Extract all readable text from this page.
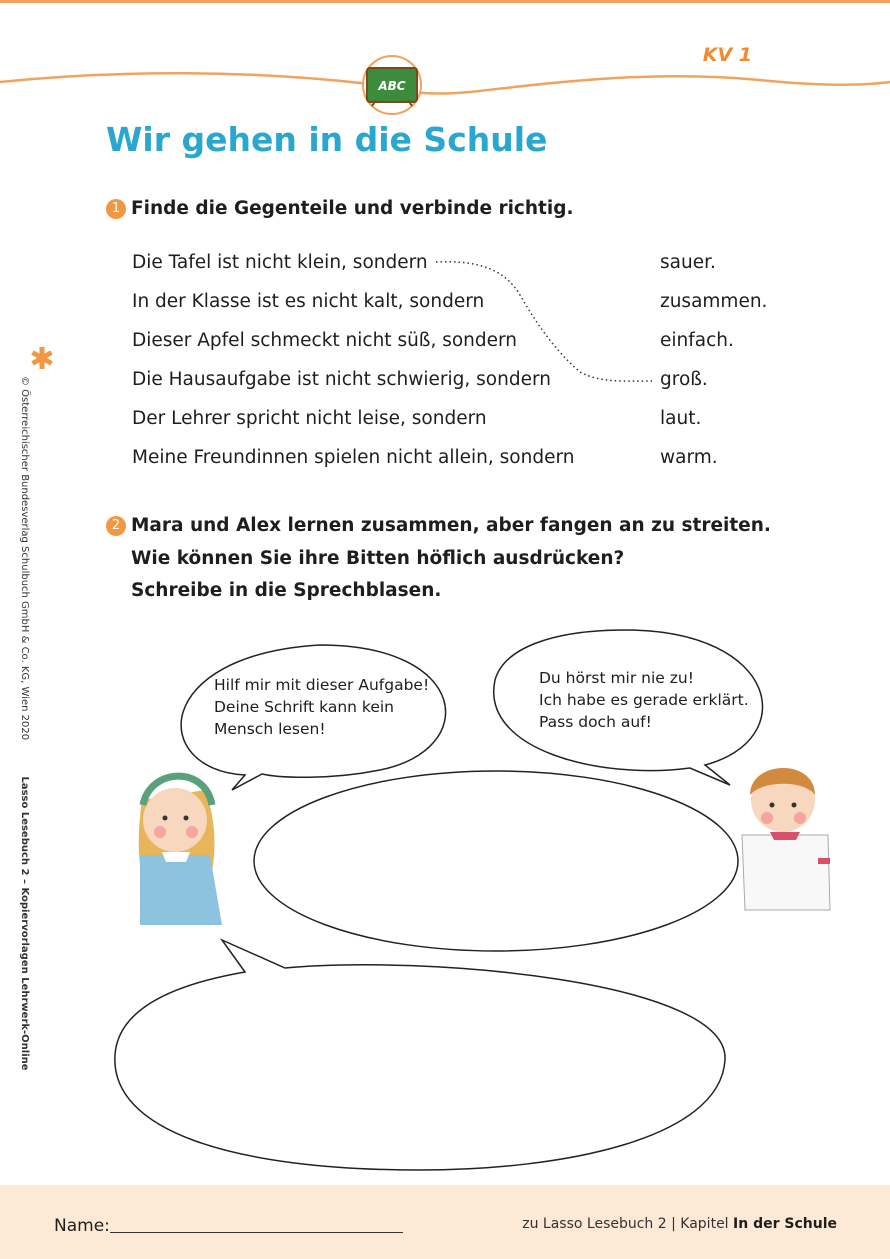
ABC
KV 1
Wir gehen in die Schule
1 Finde die Gegenteile und verbinde richtig.
Die Tafel ist nicht klein, sondern
In der Klasse ist es nicht kalt, sondern
Dieser Apfel schmeckt nicht süß, sondern
Die Hausaufgabe ist nicht schwierig, sondern
Der Lehrer spricht nicht leise, sondern
Meine Freundinnen spielen nicht allein, sondern
sauer.
zusammen.
einfach.
groß.
laut.
warm.
2 Mara und Alex lernen zusammen, aber fangen an zu streiten.
Wie können Sie ihre Bitten höflich ausdrücken?
Schreibe in die Sprechblasen.
Hilf mir mit dieser Aufgabe!
Deine Schrift kann kein
Mensch lesen!
Du hörst mir nie zu!
Ich habe es gerade erklärt.
Pass doch auf!
© Österreichischer Bundesverlag Schulbuch GmbH & Co. KG, Wien 2020  Lasso Lesebuch 2 – Kopiervorlagen Lehrwerk-Online
Name:	zu Lasso Lesebuch 2 | Kapitel In der Schule
